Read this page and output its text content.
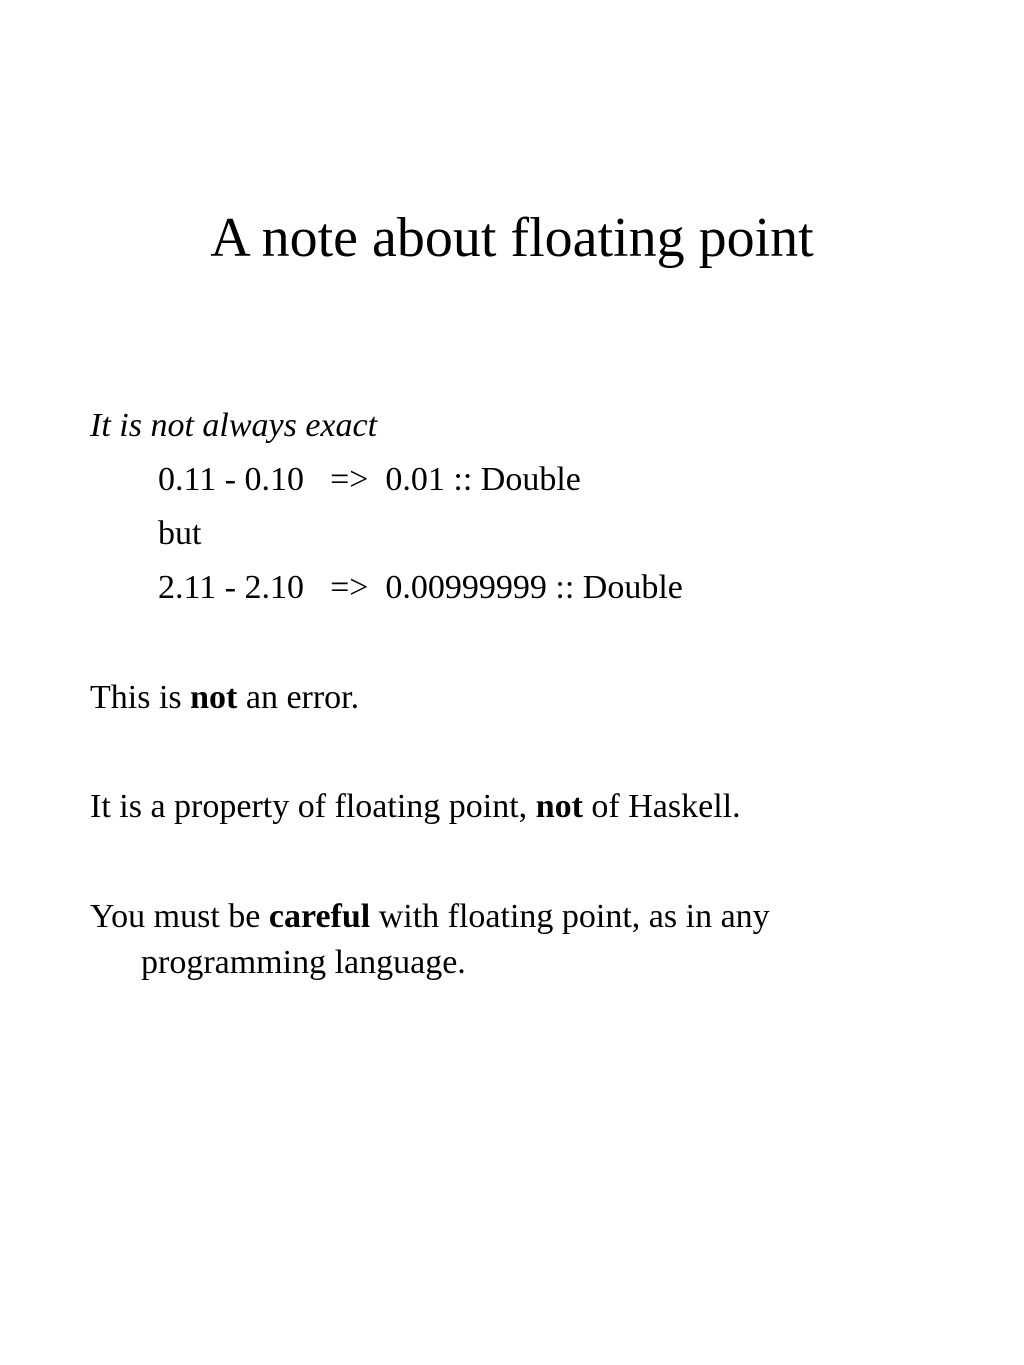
A note about floating point

It is not always exact

0.11 - 0.10 =>  0.01 :: Double

but

2.11 - 2.10 =>  0.00999999 :: Double

This is not an error.

It is a property of floating point, not of Haskell.

You must be careful with floating point, as in any

programming language.
